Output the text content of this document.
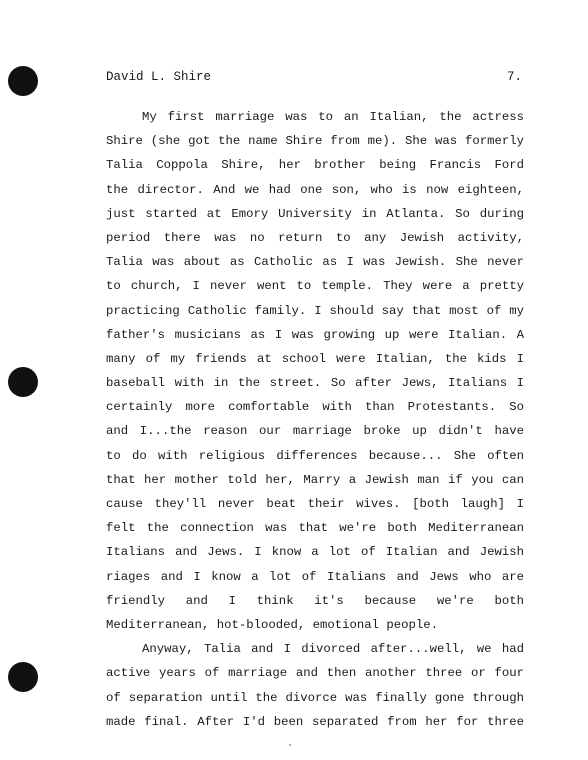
David L. Shire	7.
My first marriage was to an Italian, the actress
Shire (she got the name Shire from me). She was formerly
Talia Coppola Shire, her brother being Francis Ford
the director. And we had one son, who is now eighteen,
just started at Emory University in Atlanta. So during
period there was no return to any Jewish activity,
Talia was about as Catholic as I was Jewish. She never
to church, I never went to temple. They were a pretty
practicing Catholic family. I should say that most of my
father's musicians as I was growing up were Italian. A
many of my friends at school were Italian, the kids I
baseball with in the street. So after Jews, Italians I
certainly more comfortable with than Protestants. So
and I...the reason our marriage broke up didn't have
to do with religious differences because... She often
that her mother told her, Marry a Jewish man if you can
cause they'll never beat their wives. [both laugh] I
felt the connection was that we're both Mediterranean
Italians and Jews. I know a lot of Italian and Jewish
riages and I know a lot of Italians and Jews who are
friendly and I think it's because we're both
Mediterranean, hot-blooded, emotional people.
Anyway, Talia and I divorced after...well, we had
active years of marriage and then another three or four
of separation until the divorce was finally gone through
made final. After I'd been separated from her for three
